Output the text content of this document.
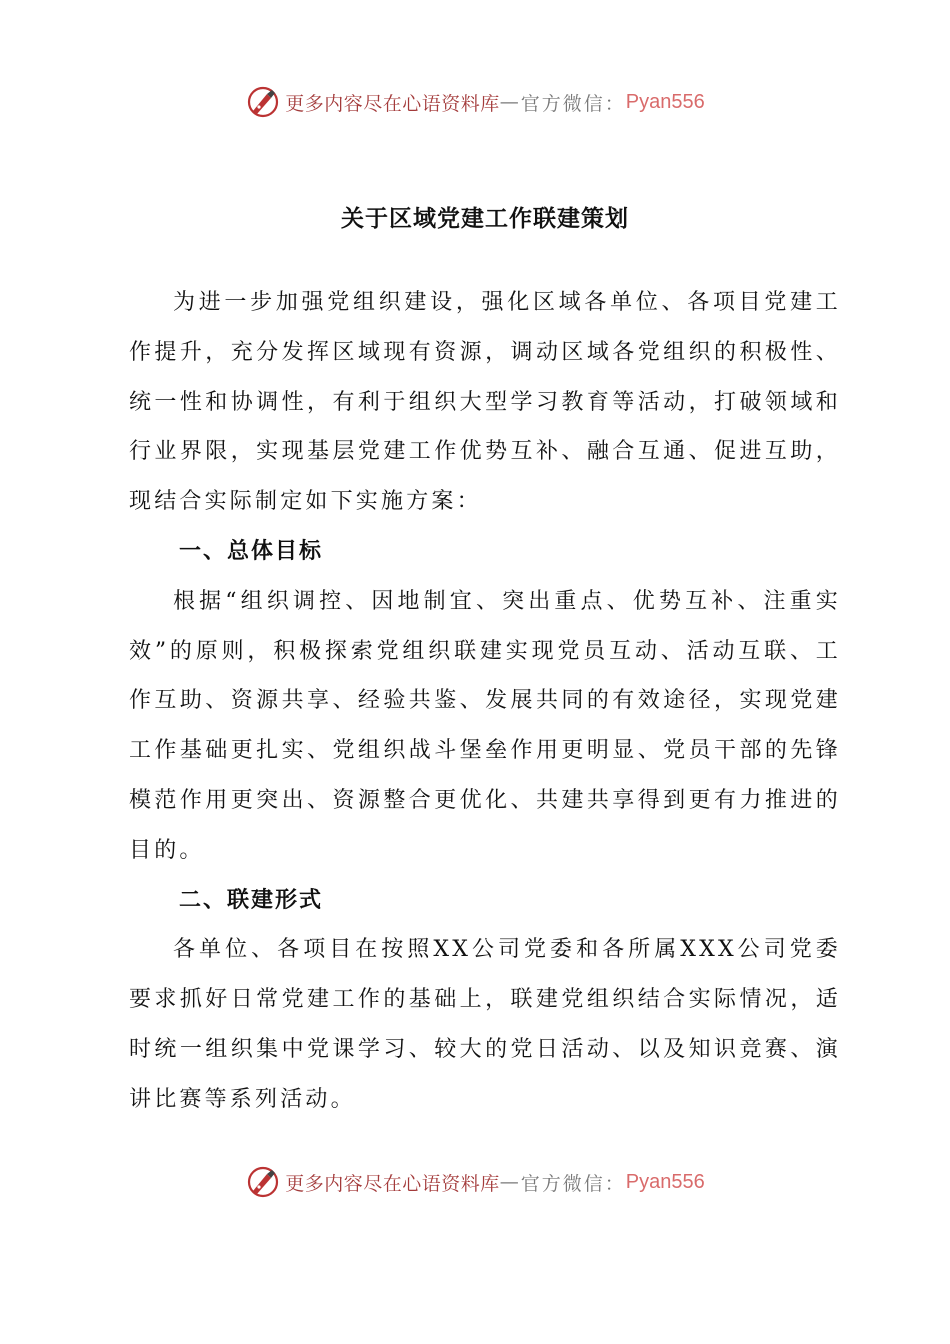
更多内容尽在心语资料库 — 官方微信： Pyan556
关于区域党建工作联建策划

为进一步加强党组织建设，强化区域各单位、各项目党建工作提升，充分发挥区域现有资源，调动区域各党组织的积极性、统一性和协调性，有利于组织大型学习教育等活动，打破领域和行业界限，实现基层党建工作优势互补、融合互通、促进互助，现结合实际制定如下实施方案：

一、总体目标

根据“组织调控、因地制宜、突出重点、优势互补、注重实效”的原则，积极探索党组织联建实现党员互动、活动互联、工作互助、资源共享、经验共鉴、发展共同的有效途径，实现党建工作基础更扎实、党组织战斗堡垒作用更明显、党员干部的先锋模范作用更突出、资源整合更优化、共建共享得到更有力推进的目的。

二、联建形式

各单位、各项目在按照XX公司党委和各所属XXX公司党委要求抓好日常党建工作的基础上，联建党组织结合实际情况，适时统一组织集中党课学习、较大的党日活动、以及知识竞赛、演讲比赛等系列活动。

更多内容尽在心语资料库 — 官方微信： Pyan556
